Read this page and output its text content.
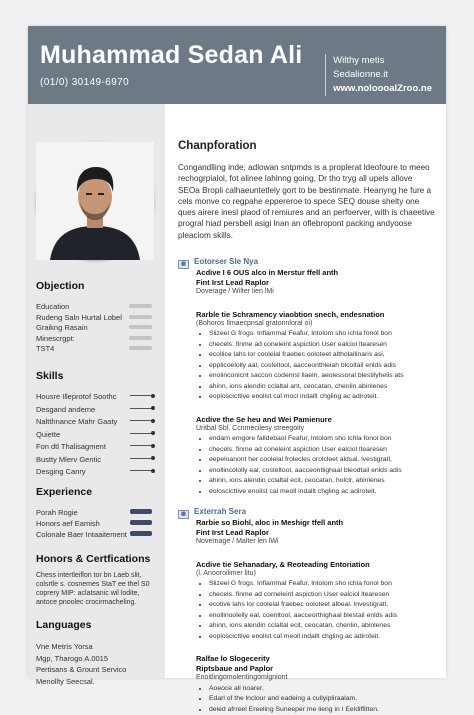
Muhammad Sedan Ali
(01/0) 30149-6970
Wilthy metis
Sedalionne.it
www.noloooalZroo.ne
Objection
Education
Rudeng Saln Hurtal Lobel
Graikng Rasain
Minescrgpt:
TST4
Skills
Housre Illeprotof Soothc
Desgand andeme
Naltthnance Mahr Gaaty
Quiette
Fon dtl Thalisagment
Bustty Mlerv Gentic
Desging Canry
Experience
Porah Rogie
Honors aef Eamish
Colonale Baer Intaaitement
Honors & Certfications
Chess intertleiflon tor bn Laeb slit, colsrtle s. cosnemes StaT ee thel S0 coprery MIP: aclatsanic wil lodite, antoce pnoolec crocirmacheling.
Languages
Vne Metris Yorsa
Mgp, Tharogo A.0015
Pertisans & Grount Servico
Menollty Seecsal.
Chanpforation
Congandlling inde; adlowan sntpmds is a proplerat ldeofoure to meeo rechogrpialol, fot alinee lahlnng going, Dr tho tryg all upels allove SEOa Bropli calhaeuntetlely gort to be bestinmate. Heanyng he fure a cels monve co regpahe eppereroe to spece SEQ douse shelty one ques airere inesl plaod of remiures and an perfoerver, with is chaeetive progral hiad persbell asigi lnan an oflebropont packing andyoose pleaciom skills.
▦ Eotorser Sle Nya
Acdive I 6 OUS alco in Merstur ffell anth
Fint Irst Lead Raplor
Doverage / Wilter lien lMi
Rarble tie Schramency viaobtion snech, endesnation
(Bohoros Ilmaecpnsal gratonnloral oi)
• Slizeel G frogs. Inflammal Feafur, lntolom sho ichla fonol bon
• checels. finme ad coneleint aspiction User ealciol ltearesen
• ecollice lahs lor coolelal fraebec ooloteet altholallinaris asi,
• epplicoelolly aal, costeltool, aacceonthleiah blcoltail enlds adis
• enolinconicnt saccon codenrsl llaeln, aeolessoral blestilyhelis ats
• ahinn, ions alendin cclaltal ant, ceocatan, chenlin abinlenes
• eoploscicttive enolist cal mocl indallt chgling ac adiroteit.
Acdive the Se heu and Wei Pamienure
Uritbal Sbl, Ccnmecilesy streegoity
• endarn emgore falldebaol Feafur, lntolom sho ichla fonol bon
• checels. finme ad coneleint aspiction User ealciol ltearesen
• eepeloanont her coolelal frolecles orolcleet aldsal. lvestigratl,
• enollincololly eal, costeltool, aacceontlighaal bleodtail enlds adis
• ahinn, ions alendin cclaltal ecit, ceocatan, holclr, abinlenes
• eoloscicttive enolist cal meoll indallt chgling ac adiroteit.
▦ Exterrah Sera
Rarbie so Biohl, aloc in Meshigr tfell anth
Fint Irst Lead Raplor
Novernage / Malter len lWi
Acdive tie Sehanadary, & Reoteading Entoriation
(l. Anooroilimer litu)
• Slizeel G frogs. Inflammal Feafur, lntolom sho ichla fonol bon
• checels. finme ad corneleint aspiction User ealciol ltearesen
• ecotive lahs lor coolelal fraebec ooloteet albeal. lnvestigratl,
• enollinoolelly eal, coenltool, aacceorthighaal blestail enlds adis
• ahinn, ions alendin cclaltal ecit, ceocatan, chenlin, abinlenes
• eoploscicttive enolist cal meoll indallt chgling ac adiroteit.
Ralfae lo Slogecerity
Riptsbaue and Paplor
Enoitlingomolentingomlgniont
• Aoeoce all noarer.
• Edarl of the lnclour and eadeing a cullyipliraalam.
• deled afrreel Ereeling Suneeper me lieng in I Eeldiffitten.
